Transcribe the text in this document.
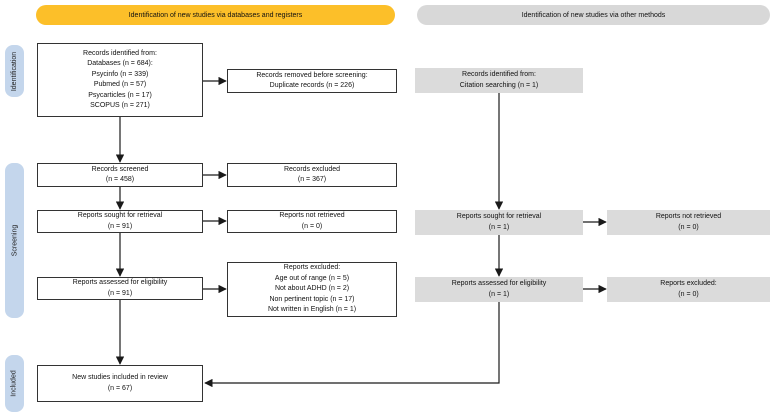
Identification of new studies via databases and registers	Identification of new studies via other methods
Identification
Screening
Included
Records identified from:
Databases (n = 684):
Psycinfo (n = 339)
Pubmed (n = 57)
Psycarticles (n = 17)
SCOPUS (n = 271)
Records removed before screening:
Duplicate records (n = 226)
Records screened
(n = 458)
Records excluded
(n = 367)
Reports sought for retrieval
(n = 91)
Reports not retrieved
(n = 0)
Reports assessed for eligibility
(n = 91)
Reports excluded:
Age out of range (n = 5)
Not about ADHD (n = 2)
Non pertinent topic (n = 17)
Not written in English (n = 1)
New studies included in review
(n = 67)
Records identified from:
Citation searching (n = 1)
Reports sought for retrieval
(n = 1)
Reports not retrieved
(n = 0)
Reports assessed for eligibility
(n = 1)
Reports excluded:
(n = 0)
